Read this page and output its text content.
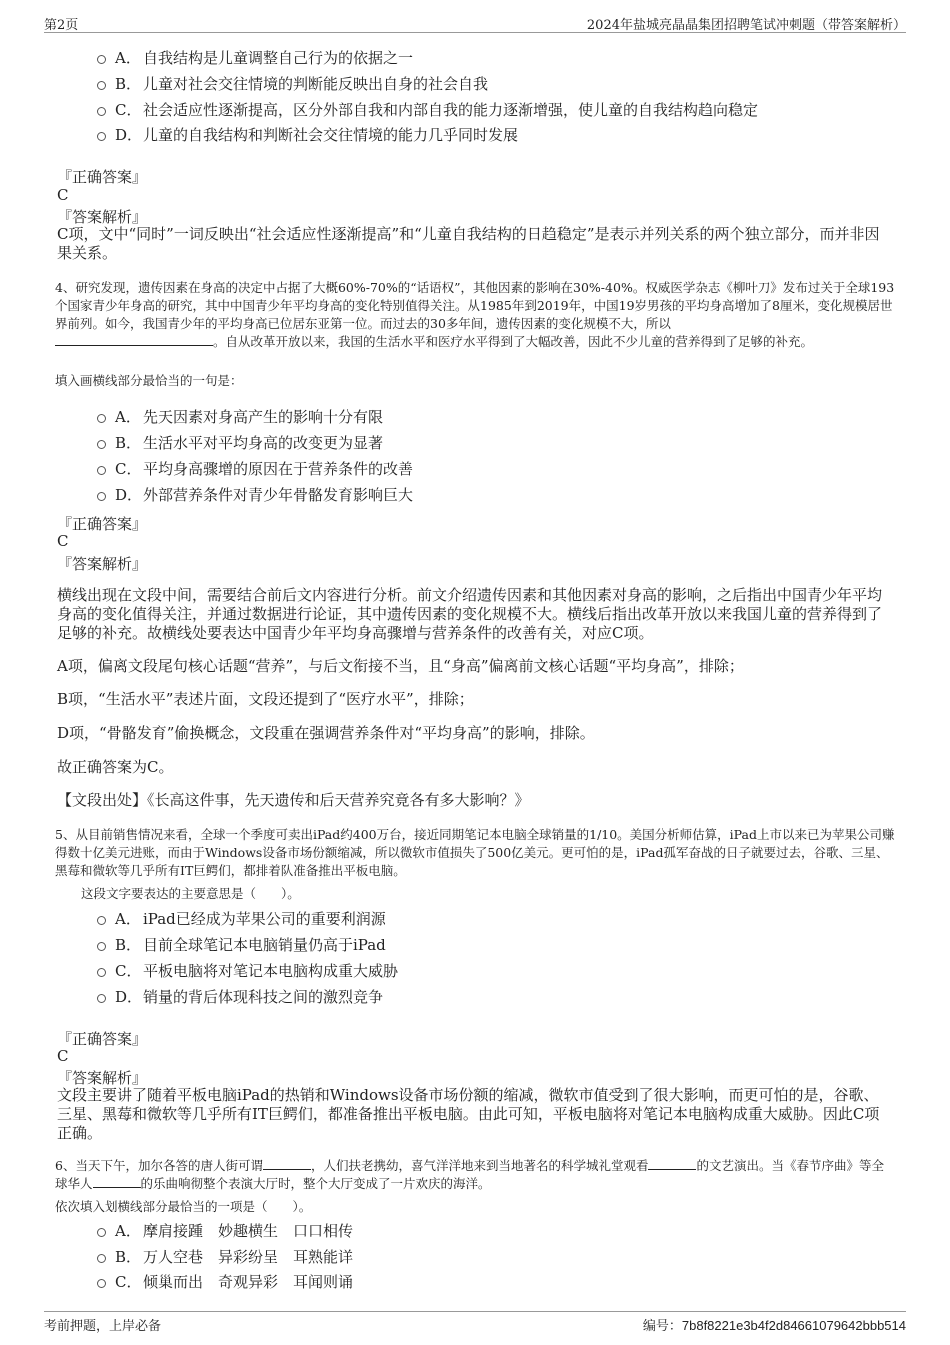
第2页	2024年盐城亮晶晶集团招聘笔试冲刺题（带答案解析）
A． 自我结构是儿童调整自己行为的依据之一
B． 儿童对社会交往情境的判断能反映出自身的社会自我
C． 社会适应性逐渐提高，区分外部自我和内部自我的能力逐渐增强，使儿童的自我结构趋向稳定
D． 儿童的自我结构和判断社会交往情境的能力几乎同时发展
『正确答案』
C
『答案解析』
C项，文中“同时”一词反映出“社会适应性逐渐提高”和“儿童自我结构的日趋稳定”是表示并列关系的两个独立部分，而并非因果关系。
4、研究发现，遗传因素在身高的决定中占据了大概60%-70%的“话语权”，其他因素的影响在30%-40%。权威医学杂志《柳叶刀》发布过关于全球193个国家青少年身高的研究，其中中国青少年平均身高的变化特别值得关注。从1985年到2019年，中国19岁男孩的平均身高增加了8厘米，变化规模居世界前列。如今，我国青少年的平均身高已位居东亚第一位。而过去的30多年间，遗传因素的变化规模不大，所以
。自从改革开放以来，我国的生活水平和医疗水平得到了大幅改善，因此不少儿童的营养得到了足够的补充。
填入画横线部分最恰当的一句是：
A． 先天因素对身高产生的影响十分有限
B． 生活水平对平均身高的改变更为显著
C． 平均身高骤增的原因在于营养条件的改善
D． 外部营养条件对青少年骨骼发育影响巨大
『正确答案』
C
『答案解析』
横线出现在文段中间，需要结合前后文内容进行分析。前文介绍遗传因素和其他因素对身高的影响，之后指出中国青少年平均身高的变化值得关注，并通过数据进行论证，其中遗传因素的变化规模不大。横线后指出改革开放以来我国儿童的营养得到了足够的补充。故横线处要表达中国青少年平均身高骤增与营养条件的改善有关，对应C项。
A项，偏离文段尾句核心话题“营养”，与后文衔接不当，且“身高”偏离前文核心话题“平均身高”，排除；
B项，“生活水平”表述片面，文段还提到了“医疗水平”，排除；
D项，“骨骼发育”偷换概念，文段重在强调营养条件对“平均身高”的影响，排除。
故正确答案为C。
【文段出处】《长高这件事，先天遗传和后天营养究竟各有多大影响？》
5、从目前销售情况来看，全球一个季度可卖出iPad约400万台，接近同期笔记本电脑全球销量的1/10。美国分析师估算，iPad上市以来已为苹果公司赚得数十亿美元进账，而由于Windows设备市场份额缩减，所以微软市值损失了500亿美元。更可怕的是，iPad孤军奋战的日子就要过去，谷歌、三星、黑莓和微软等几乎所有IT巨鳄们，都排着队准备推出平板电脑。
这段文字要表达的主要意思是（　　）。
A． iPad已经成为苹果公司的重要利润源
B． 目前全球笔记本电脑销量仍高于iPad
C． 平板电脑将对笔记本电脑构成重大威胁
D． 销量的背后体现科技之间的激烈竞争
『正确答案』
C
『答案解析』
文段主要讲了随着平板电脑iPad的热销和Windows设备市场份额的缩减，微软市值受到了很大影响，而更可怕的是，谷歌、三星、黑莓和微软等几乎所有IT巨鳄们，都准备推出平板电脑。由此可知，平板电脑将对笔记本电脑构成重大威胁。因此C项正确。
6、当天下午，加尔各答的唐人街可谓	，人们扶老携幼，喜气洋洋地来到当地著名的科学城礼堂观看	的文艺演出。当《春节序曲》等全球华人	的乐曲响彻整个表演大厅时，整个大厅变成了一片欢庆的海洋。
依次填入划横线部分最恰当的一项是（　　）。
A． 摩肩接踵　妙趣横生　口口相传
B． 万人空巷　异彩纷呈　耳熟能详
C． 倾巢而出　奇观异彩　耳闻则诵
考前押题，上岸必备	编号：7b8f8221e3b4f2d84661079642bbb514
